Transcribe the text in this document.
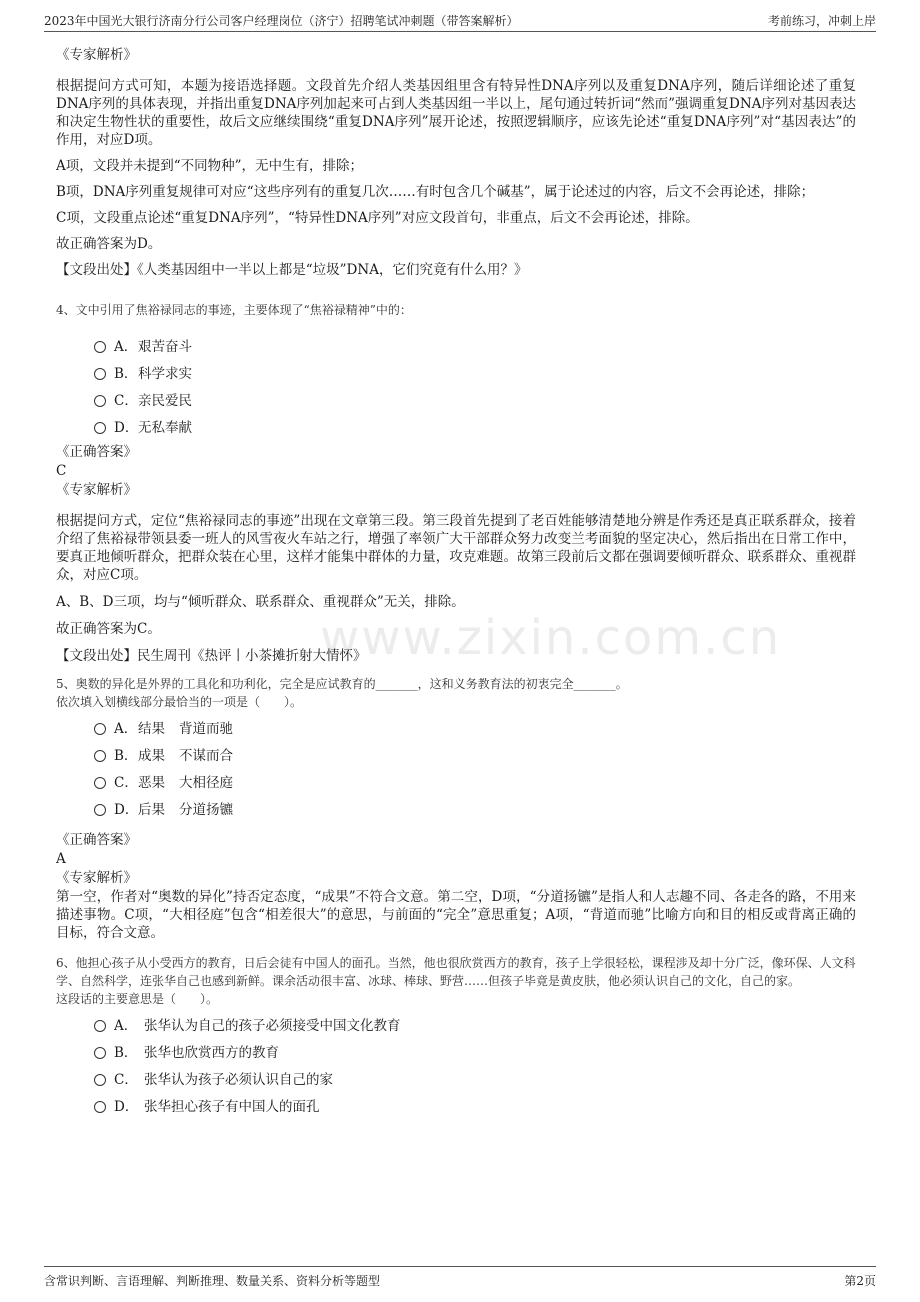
2023年中国光大银行济南分行公司客户经理岗位（济宁）招聘笔试冲刺题（带答案解析）	考前练习，冲刺上岸
www.zixin.com.cn
《专家解析》

根据提问方式可知，本题为接语选择题。文段首先介绍人类基因组里含有特异性DNA序列以及重复DNA序列，随后详细论述了重复DNA序列的具体表现，并指出重复DNA序列加起来可占到人类基因组一半以上，尾句通过转折词“然而”强调重复DNA序列对基因表达和决定生物性状的重要性，故后文应继续围绕“重复DNA序列”展开论述，按照逻辑顺序，应该先论述“重复DNA序列”对“基因表达”的作用，对应D项。

A项，文段并未提到“不同物种”，无中生有，排除；

B项，DNA序列重复规律可对应“这些序列有的重复几次……有时包含几个碱基”，属于论述过的内容，后文不会再论述，排除；

C项，文段重点论述“重复DNA序列”，“特异性DNA序列”对应文段首句，非重点，后文不会再论述，排除。

故正确答案为D。

【文段出处】《人类基因组中一半以上都是“垃圾”DNA，它们究竟有什么用？》

4、文中引用了焦裕禄同志的事迹，主要体现了“焦裕禄精神”中的：

A． 艰苦奋斗
B． 科学求实
C． 亲民爱民
D． 无私奉献
《正确答案》
C
《专家解析》

根据提问方式，定位“焦裕禄同志的事迹”出现在文章第三段。第三段首先提到了老百姓能够清楚地分辨是作秀还是真正联系群众，接着介绍了焦裕禄带领县委一班人的风雪夜火车站之行，增强了率领广大干部群众努力改变兰考面貌的坚定决心，然后指出在日常工作中，要真正地倾听群众，把群众装在心里，这样才能集中群体的力量，攻克难题。故第三段前后文都在强调要倾听群众、联系群众、重视群众，对应C项。

A、B、D三项，均与“倾听群众、联系群众、重视群众”无关，排除。

故正确答案为C。

【文段出处】民生周刊《热评丨小茶摊折射大情怀》

5、奥数的异化是外界的工具化和功利化，完全是应试教育的_______，这和义务教育法的初衷完全_______。

依次填入划横线部分最恰当的一项是（　　）。

A． 结果 背道而驰
B． 成果 不谋而合
C． 恶果 大相径庭
D． 后果 分道扬镳
《正确答案》
A
《专家解析》

第一空，作者对“奥数的异化”持否定态度，“成果”不符合文意。第二空，D项，“分道扬镳”是指人和人志趣不同、各走各的路，不用来描述事物。C项，“大相径庭”包含“相差很大”的意思，与前面的“完全”意思重复；A项，“背道而驰”比喻方向和目的相反或背离正确的目标，符合文意。

6、他担心孩子从小受西方的教育，日后会徒有中国人的面孔。当然，他也很欣赏西方的教育，孩子上学很轻松，课程涉及却十分广泛，像环保、人文科学、自然科学，连张华自己也感到新鲜。课余活动很丰富、冰球、棒球、野营……但孩子毕竟是黄皮肤，他必须认识自己的文化，自己的家。

这段话的主要意思是（　　）。

A． 张华认为自己的孩子必须接受中国文化教育
B． 张华也欣赏西方的教育
C． 张华认为孩子必须认识自己的家
D． 张华担心孩子有中国人的面孔
含常识判断、言语理解、判断推理、数量关系、资料分析等题型	第2页
